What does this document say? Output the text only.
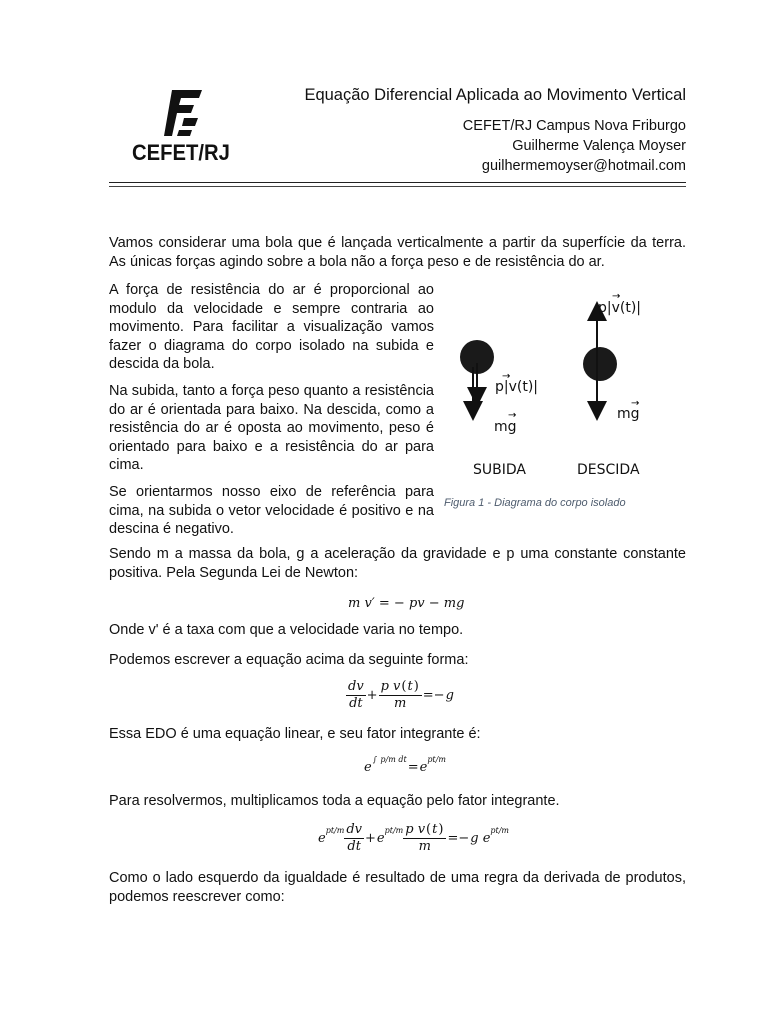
CEFET/RJ
Equação Diferencial Aplicada ao Movimento Vertical
CEFET/RJ Campus Nova Friburgo
Guilherme Valença Moyser
guilhermemoyser@hotmail.com

Vamos considerar uma bola que é lançada verticalmente a partir da superfície da terra. As únicas forças agindo sobre a bola não a força peso e de resistência do ar.

A força de resistência do ar é proporcional ao modulo da velocidade e sempre contraria ao movimento. Para facilitar a visualização vamos fazer o diagrama do corpo isolado na subida e descida da bola.

Na subida, tanto a força peso quanto a resistência do ar é orientada para baixo. Na descida, como a resistência do ar é oposta ao movimento, peso é orientado para baixo e a resistência do ar para cima.

Se orientarmos nosso eixo de referência para cima, na subida o vetor velocidade é positivo e na descina é negativo.

p|v(t)|
→
mg
→
SUBIDA
p|v(t)|
→
mg
→
DESCIDA
Figura 1 - Diagrama do corpo isolado

Sendo m a massa da bola, g a aceleração da gravidade e p uma constante constante positiva. Pela Segunda Lei de Newton:

m v′ = − pv − mg

Onde v' é a taxa com que a velocidade varia no tempo.

Podemos escrever a equação acima da seguinte forma:

$\frac{dv}{dt} + \frac{\text{p v(t)}}{m} =-g$

Essa EDO é uma equação linear, e seu fator integrante é:

$e^{\int p/m dt}=e^{pt/m}$

Para resolvermos, multiplicamos toda a equação pelo fator integrante.

$e^{pt/m} \frac{dv}{dt} +e^{pt/m} \frac{\text{p v(t)}}{m} =-g$ $e^{pt/m}$

Como o lado esquerdo da igualdade é resultado de uma regra da derivada de produtos, podemos reescrever como:
